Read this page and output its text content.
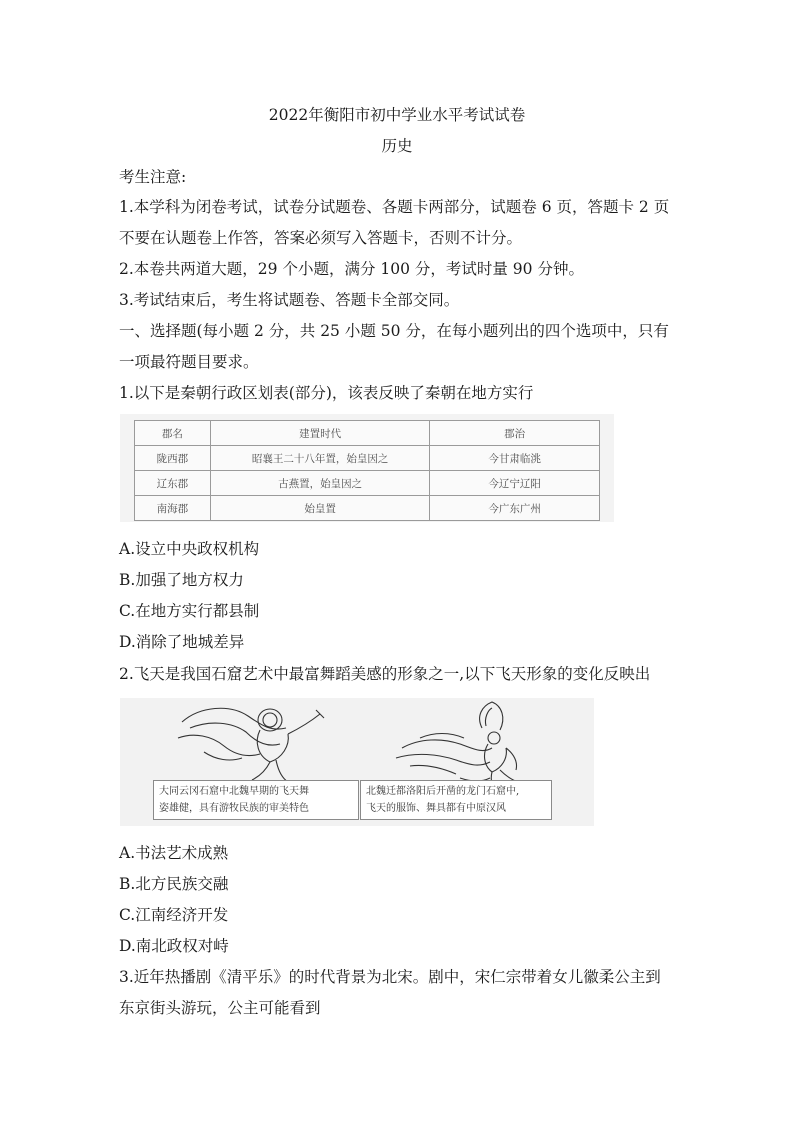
2022年衡阳市初中学业水平考试试卷
历史
考生注意:
1.本学科为闭卷考试，试卷分试题卷、各题卡两部分，试题卷 6 页，答题卡 2 页
不要在认题卷上作答，答案必须写入答题卡，否则不计分。
2.本卷共两道大题，29 个小题，满分 100 分，考试时量 90 分钟。
3.考试结束后，考生将试题卷、答题卡全部交同。
一、选择题(每小题 2 分，共 25 小题 50 分，在每小题列出的四个选项中，只有
一项最符题目要求。
1.以下是秦朝行政区划表(部分)，该表反映了秦朝在地方实行
郡名	建置时代	郡治
陇西郡	昭襄王二十八年置，始皇因之	今甘肃临洮
辽东郡	古燕置，始皇因之	今辽宁辽阳
南海郡	始皇置	今广东广州
A.设立中央政权机构
B.加强了地方权力
C.在地方实行都县制
D.消除了地城差异
2.飞天是我国石窟艺术中最富舞蹈美感的形象之一,以下飞天形象的变化反映出
大同云冈石窟中北魏早期的飞天舞
姿雄健，具有游牧民族的审美特色
北魏迁都洛阳后开凿的龙门石窟中,
飞天的服饰、舞具都有中原汉风
A.书法艺术成熟
B.北方民族交融
C.江南经济开发
D.南北政权对峙
3.近年热播剧《清平乐》的时代背景为北宋。剧中，宋仁宗带着女儿徽柔公主到
东京街头游玩，公主可能看到
